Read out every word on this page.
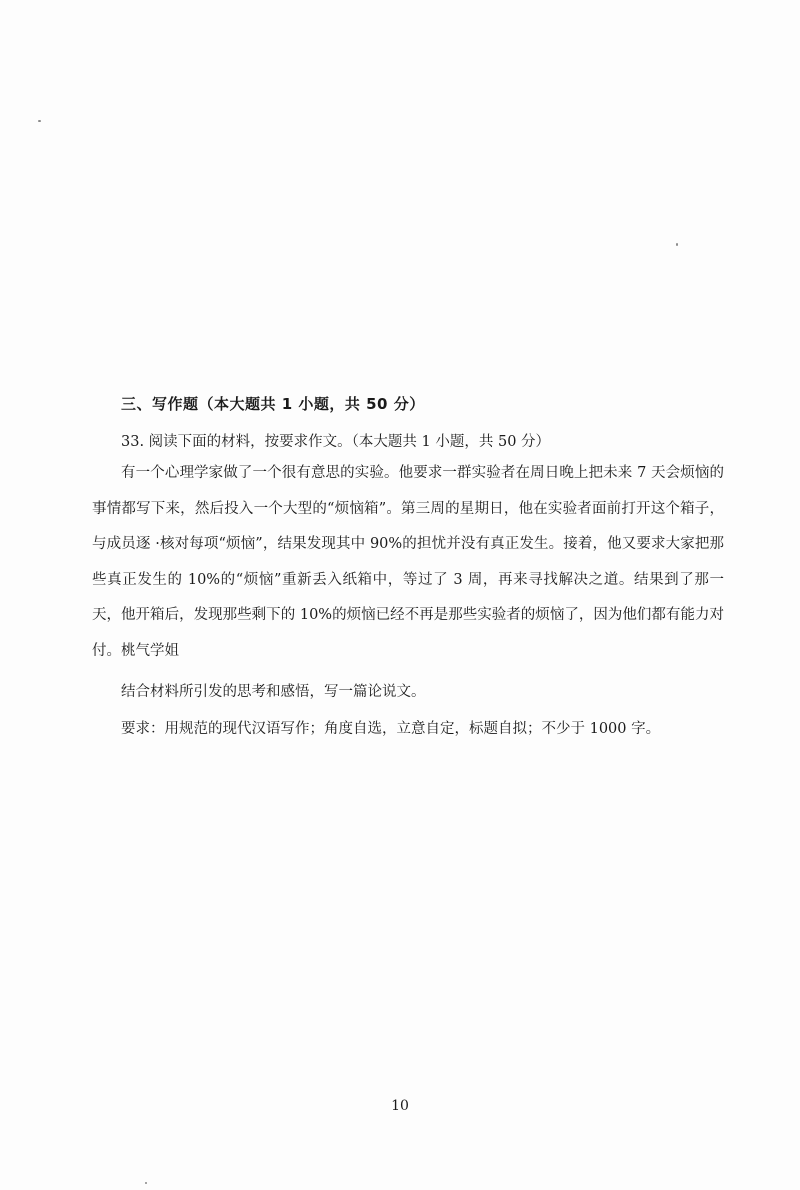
三、写作题（本大题共 1 小题，共 50 分）
33. 阅读下面的材料，按要求作文。（本大题共 1 小题，共 50 分）
有一个心理学家做了一个很有意思的实验。他要求一群实验者在周日晚上把未来 7 天会烦恼的事情都写下来，然后投入一个大型的“烦恼箱”。第三周的星期日，他在实验者面前打开这个箱子，与成员逐 ·核对每项“烦恼”，结果发现其中 90%的担忧并没有真正发生。接着，他又要求大家把那些真正发生的 10%的“烦恼”重新丢入纸箱中，等过了 3 周，再来寻找解决之道。结果到了那一天，他开箱后，发现那些剩下的 10%的烦恼已经不再是那些实验者的烦恼了，因为他们都有能力对付。桃气学姐
结合材料所引发的思考和感悟，写一篇论说文。
要求：用规范的现代汉语写作；角度自选，立意自定，标题自拟；不少于 1000 字。
10
